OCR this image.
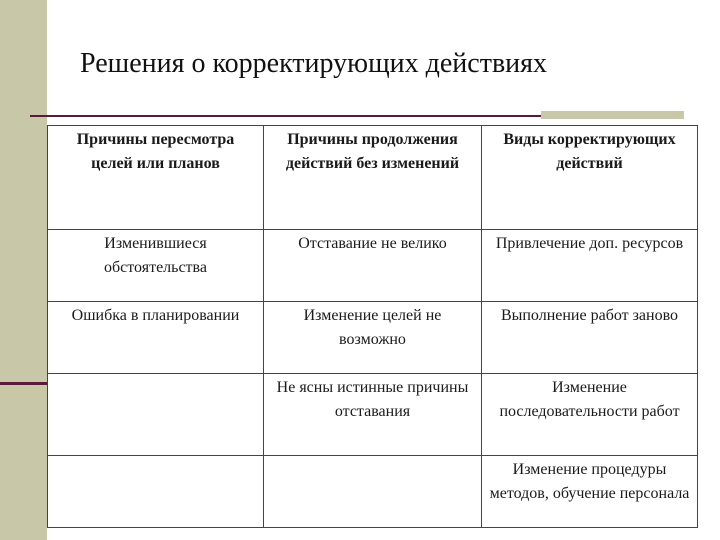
Решения о корректирующих действиях
Причины пересмотра целей или планов	Причины продолжения действий без изменений	Виды корректирующих действий
Изменившиеся обстоятельства	Отставание не велико	Привлечение доп. ресурсов
Ошибка в планировании	Изменение целей не возможно	Выполнение работ заново
	Не ясны истинные причины отставания	Изменение последовательности работ
		Изменение процедуры методов, обучение персонала
